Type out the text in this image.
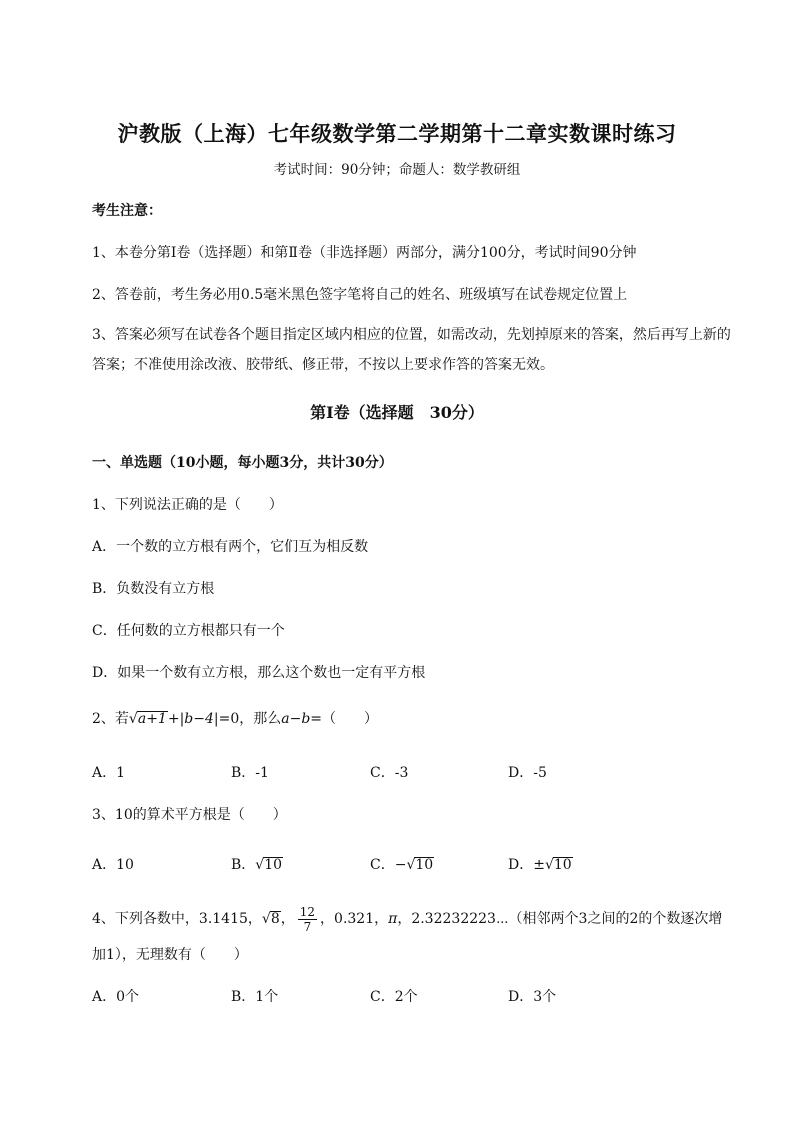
沪教版（上海）七年级数学第二学期第十二章实数课时练习
考试时间：90分钟；命题人：数学教研组
考生注意：
1、本卷分第I卷（选择题）和第Ⅱ卷（非选择题）两部分，满分100分，考试时间90分钟
2、答卷前，考生务必用0.5毫米黑色签字笔将自己的姓名、班级填写在试卷规定位置上
3、答案必须写在试卷各个题目指定区域内相应的位置，如需改动，先划掉原来的答案，然后再写上新的答案；不准使用涂改液、胶带纸、修正带，不按以上要求作答的答案无效。
第I卷（选择题　30分）
一、单选题（10小题，每小题3分，共计30分）
1、下列说法正确的是（　　）
A．一个数的立方根有两个，它们互为相反数
B．负数没有立方根
C．任何数的立方根都只有一个
D．如果一个数有立方根，那么这个数也一定有平方根
2、若√a+1+|b−4|=0，那么a−b=（　　）
A．1	B．-1	C．-3	D．-5
3、10的算术平方根是（　　）
A．10	B．√10	C．−√10	D．±√10
4、下列各数中，3.1415，√8， $\frac{12}{7}$ ，0.321，π，2.32232223⋯（相邻两个3之间的2的个数逐次增
加1），无理数有（　　）
A．0个	B．1个	C．2个	D．3个
